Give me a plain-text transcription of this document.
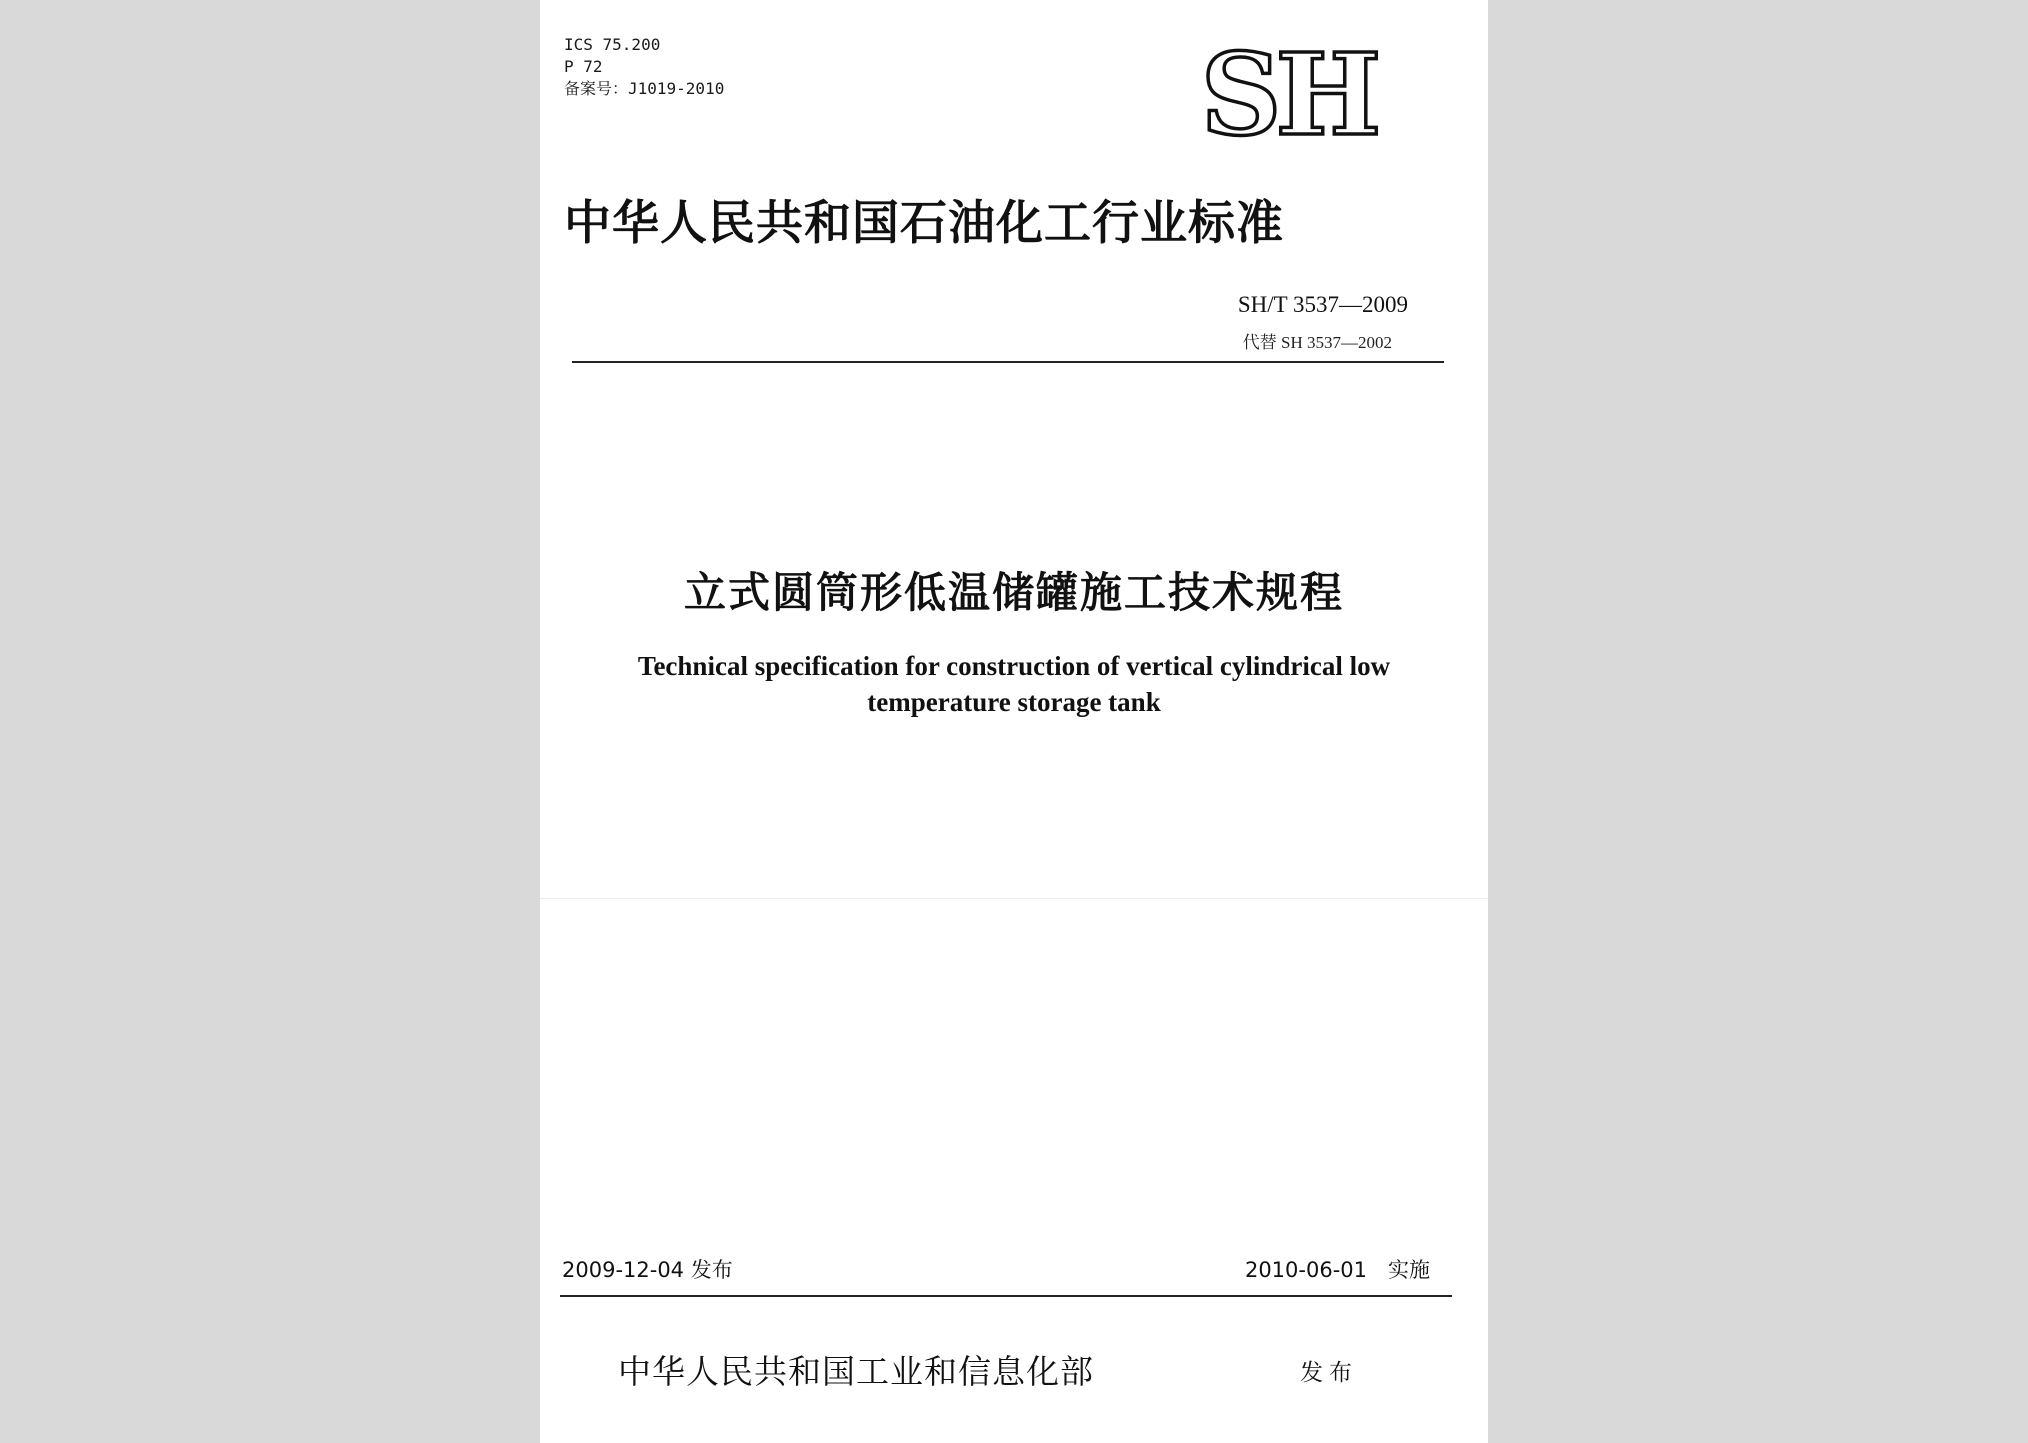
ICS 75.200
P 72
备案号：J1019-2010	SH
中华人民共和国石油化工行业标准
SH/T 3537—2009
代替 SH 3537—2002
立式圆筒形低温储罐施工技术规程
Technical specification for construction of vertical cylindrical low
temperature storage tank
2009-12-04 发布	2010-06-01　实施
中华人民共和国工业和信息化部	发布
